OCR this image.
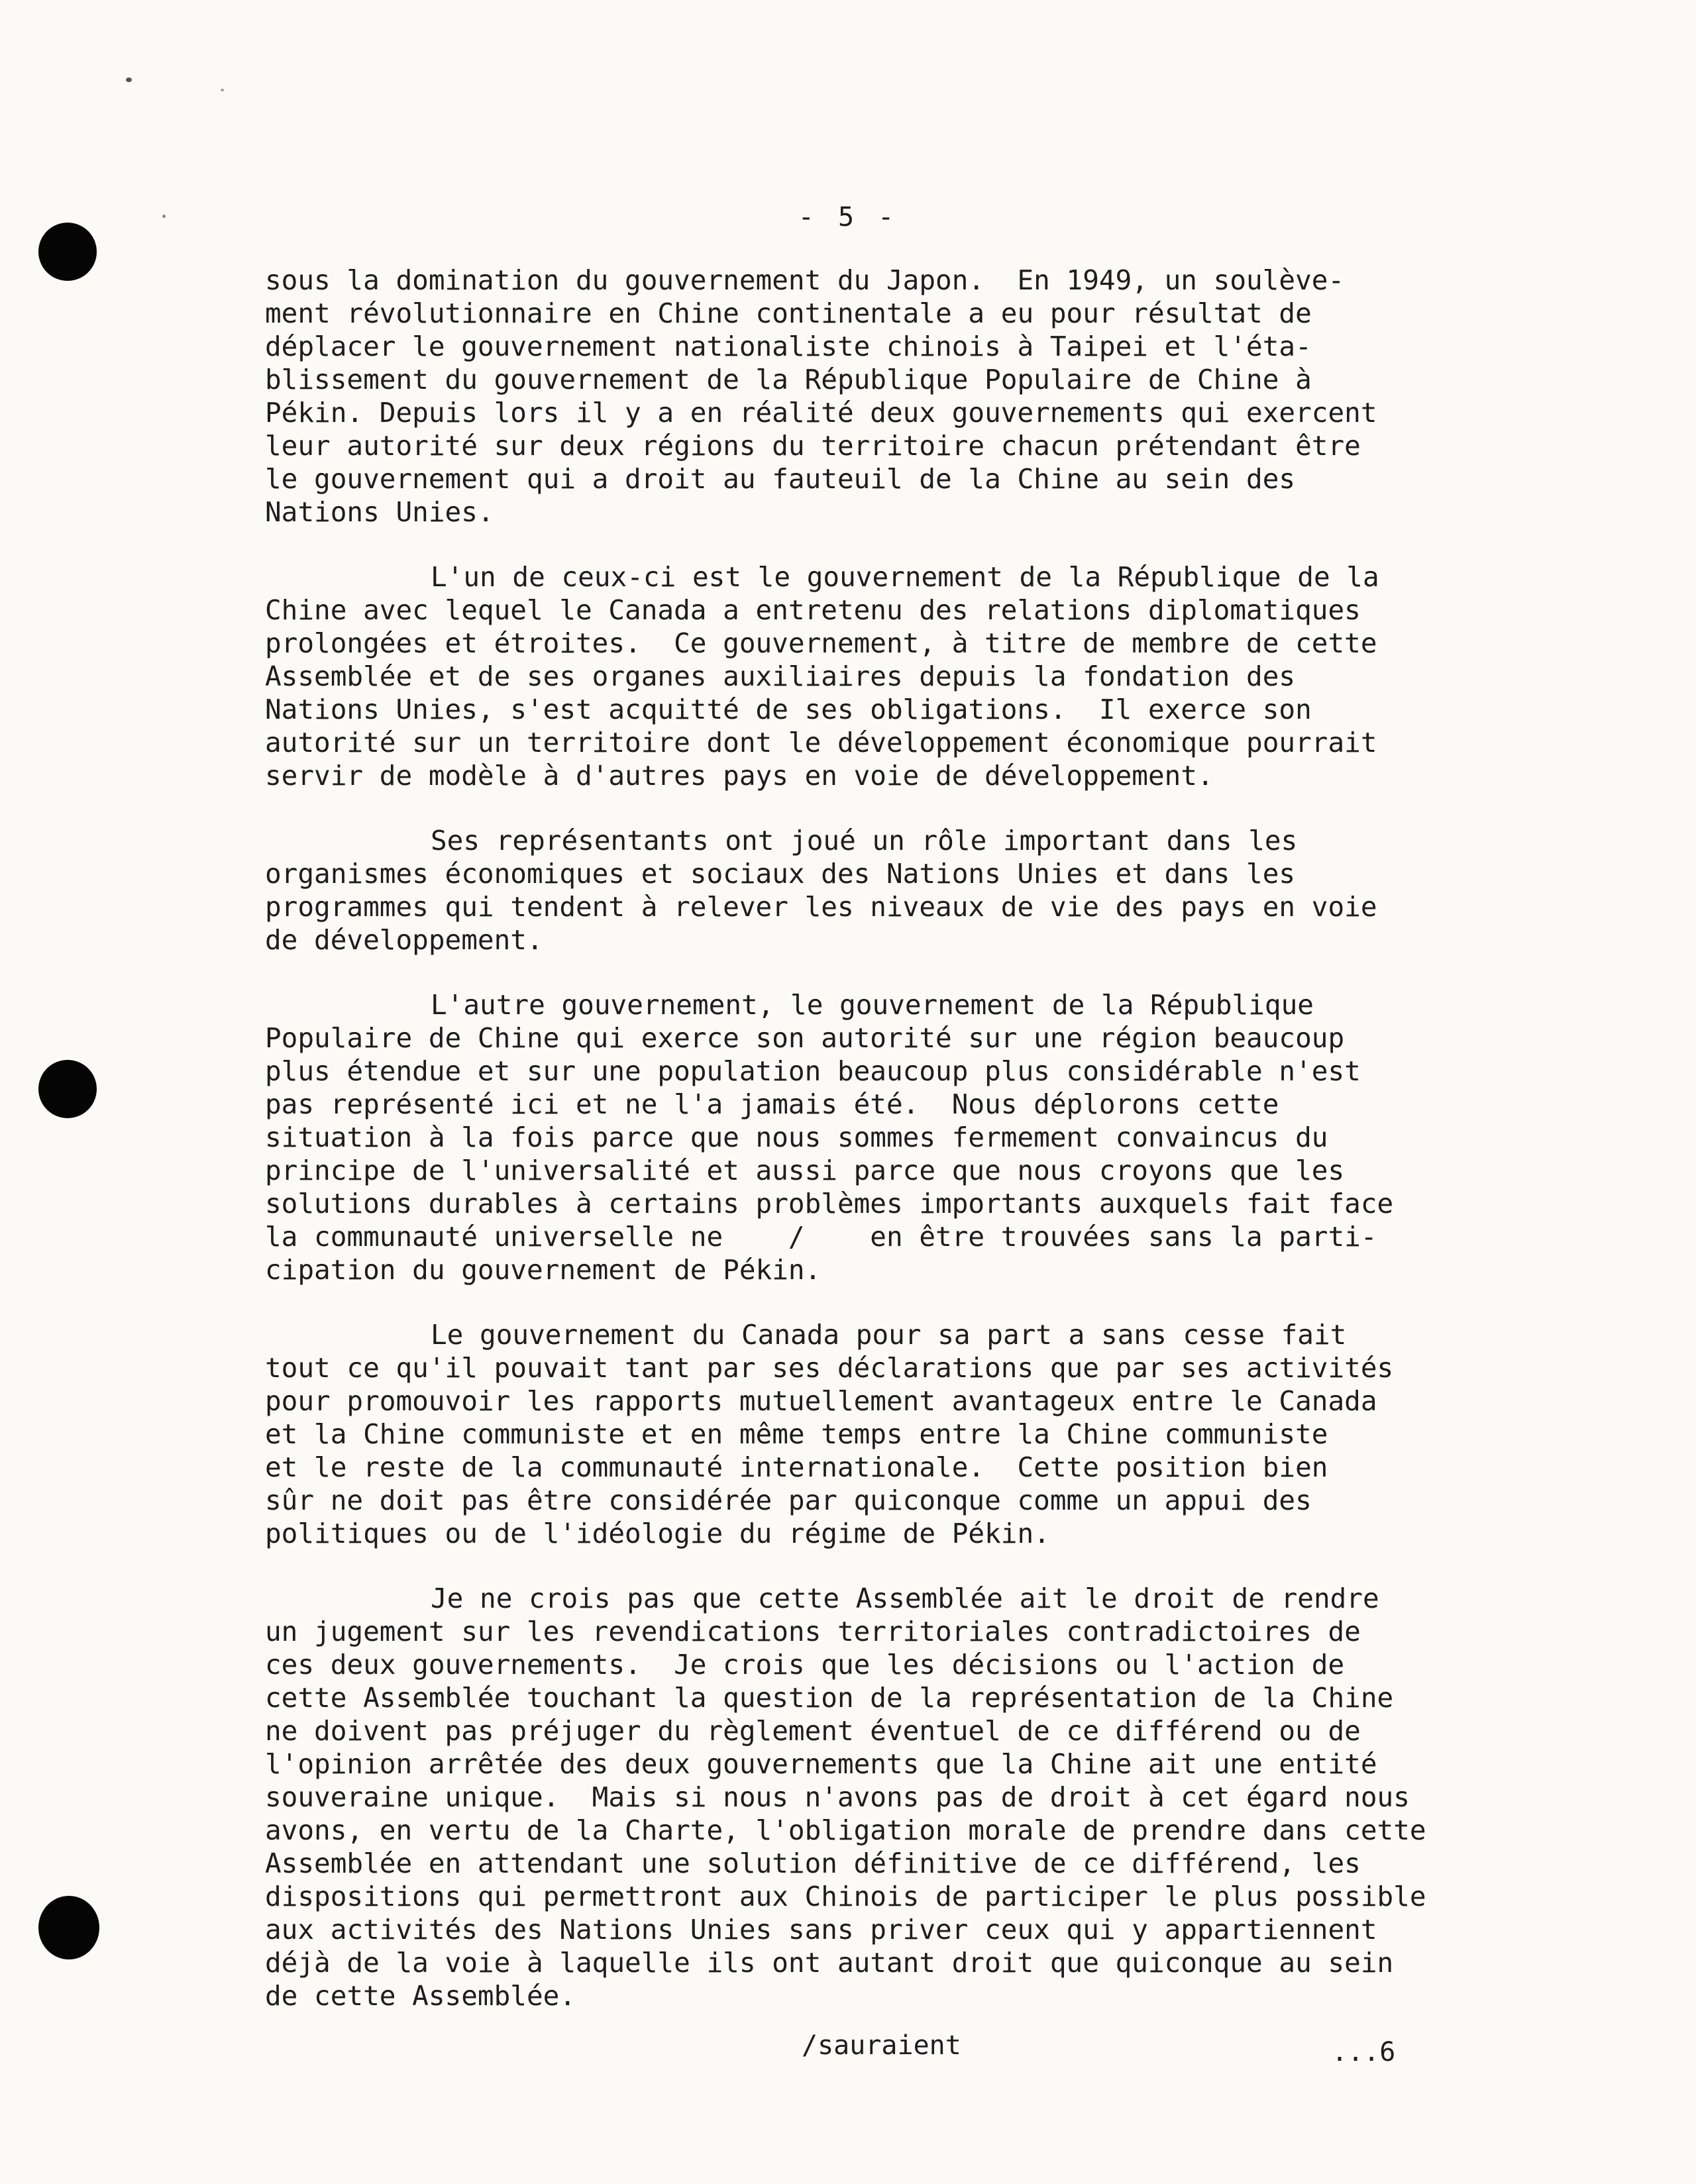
- 5 -
sous la domination du gouvernement du Japon.  En 1949, un soulève-
ment révolutionnaire en Chine continentale a eu pour résultat de
déplacer le gouvernement nationaliste chinois à Taipei et l'éta-
blissement du gouvernement de la République Populaire de Chine à
Pékin. Depuis lors il y a en réalité deux gouvernements qui exercent
leur autorité sur deux régions du territoire chacun prétendant être
le gouvernement qui a droit au fauteuil de la Chine au sein des
Nations Unies.
L'un de ceux-ci est le gouvernement de la République de la
Chine avec lequel le Canada a entretenu des relations diplomatiques
prolongées et étroites.  Ce gouvernement, à titre de membre de cette
Assemblée et de ses organes auxiliaires depuis la fondation des
Nations Unies, s'est acquitté de ses obligations.  Il exerce son
autorité sur un territoire dont le développement économique pourrait
servir de modèle à d'autres pays en voie de développement.
Ses représentants ont joué un rôle important dans les
organismes économiques et sociaux des Nations Unies et dans les
programmes qui tendent à relever les niveaux de vie des pays en voie
de développement.
L'autre gouvernement, le gouvernement de la République
Populaire de Chine qui exerce son autorité sur une région beaucoup
plus étendue et sur une population beaucoup plus considérable n'est
pas représenté ici et ne l'a jamais été.  Nous déplorons cette
situation à la fois parce que nous sommes fermement convaincus du
principe de l'universalité et aussi parce que nous croyons que les
solutions durables à certains problèmes importants auxquels fait face
la communauté universelle ne    /    en être trouvées sans la parti-
cipation du gouvernement de Pékin.
Le gouvernement du Canada pour sa part a sans cesse fait
tout ce qu'il pouvait tant par ses déclarations que par ses activités
pour promouvoir les rapports mutuellement avantageux entre le Canada
et la Chine communiste et en même temps entre la Chine communiste
et le reste de la communauté internationale.  Cette position bien
sûr ne doit pas être considérée par quiconque comme un appui des
politiques ou de l'idéologie du régime de Pékin.
Je ne crois pas que cette Assemblée ait le droit de rendre
un jugement sur les revendications territoriales contradictoires de
ces deux gouvernements.  Je crois que les décisions ou l'action de
cette Assemblée touchant la question de la représentation de la Chine
ne doivent pas préjuger du règlement éventuel de ce différend ou de
l'opinion arrêtée des deux gouvernements que la Chine ait une entité
souveraine unique.  Mais si nous n'avons pas de droit à cet égard nous
avons, en vertu de la Charte, l'obligation morale de prendre dans cette
Assemblée en attendant une solution définitive de ce différend, les
dispositions qui permettront aux Chinois de participer le plus possible
aux activités des Nations Unies sans priver ceux qui y appartiennent
déjà de la voie à laquelle ils ont autant droit que quiconque au sein
de cette Assemblée.
/sauraient	...6
